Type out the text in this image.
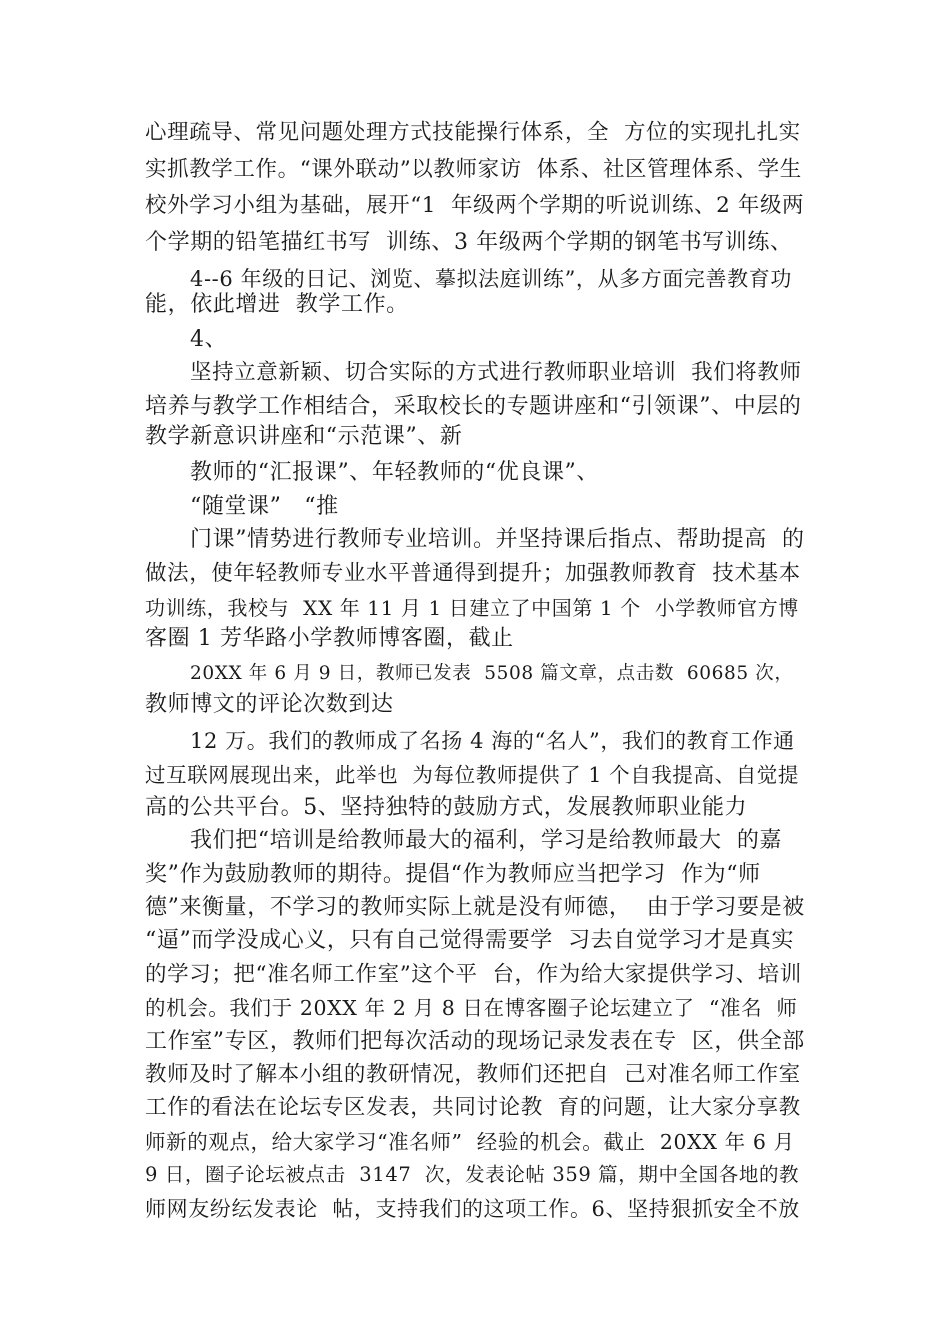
心理疏导、常见问题处理方式技能操行体系，全  方位的实现扎扎实
实抓教学工作。“课外联动”以教师家访  体系、社区管理体系、学生
校外学习小组为基础，展开“1  年级两个学期的听说训练、2 年级两
个学期的铅笔描红书写  训练、3 年级两个学期的钢笔书写训练、
4--6 年级的日记、浏览、摹拟法庭训练”，从多方面完善教育功
能，依此增进  教学工作。
4、
坚持立意新颖、切合实际的方式进行教师职业培训  我们将教师
培养与教学工作相结合，采取校长的专题讲座和“引领课”、中层的
教学新意识讲座和“示范课”、新
教师的“汇报课”、年轻教师的“优良课”、
“随堂课”   “推
门课”情势进行教师专业培训。并坚持课后指点、帮助提高  的
做法，使年轻教师专业水平普通得到提升；加强教师教育  技术基本
功训练，我校与  XX 年 11 月 1 日建立了中国第 1 个  小学教师官方博
客圈 1 芳华路小学教师博客圈，截止
20XX 年 6 月 9 日，教师已发表  5508 篇文章，点击数  60685 次，
教师博文的评论次数到达
12 万。我们的教师成了名扬 4 海的“名人”，我们的教育工作通
过互联网展现出来，此举也  为每位教师提供了 1 个自我提高、自觉提
高的公共平台。5、坚持独特的鼓励方式，发展教师职业能力
我们把“培训是给教师最大的福利，学习是给教师最大  的嘉
奖”作为鼓励教师的期待。提倡“作为教师应当把学习  作为“师
德”来衡量，不学习的教师实际上就是没有师德，  由于学习要是被
“逼”而学没成心义，只有自己觉得需要学  习去自觉学习才是真实
的学习；把“准名师工作室”这个平  台，作为给大家提供学习、培训
的机会。我们于 20XX 年 2 月 8 日在博客圈子论坛建立了  “准名  师
工作室”专区，教师们把每次活动的现场记录发表在专  区，供全部
教师及时了解本小组的教研情况，教师们还把自  己对准名师工作室
工作的看法在论坛专区发表，共同讨论教  育的问题，让大家分享教
师新的观点，给大家学习“准名师”  经验的机会。截止  20XX 年 6 月
9 日，圈子论坛被点击  3147  次，发表论帖 359 篇，期中全国各地的教
师网友纷纭发表论  帖，支持我们的这项工作。6、坚持狠抓安全不放
